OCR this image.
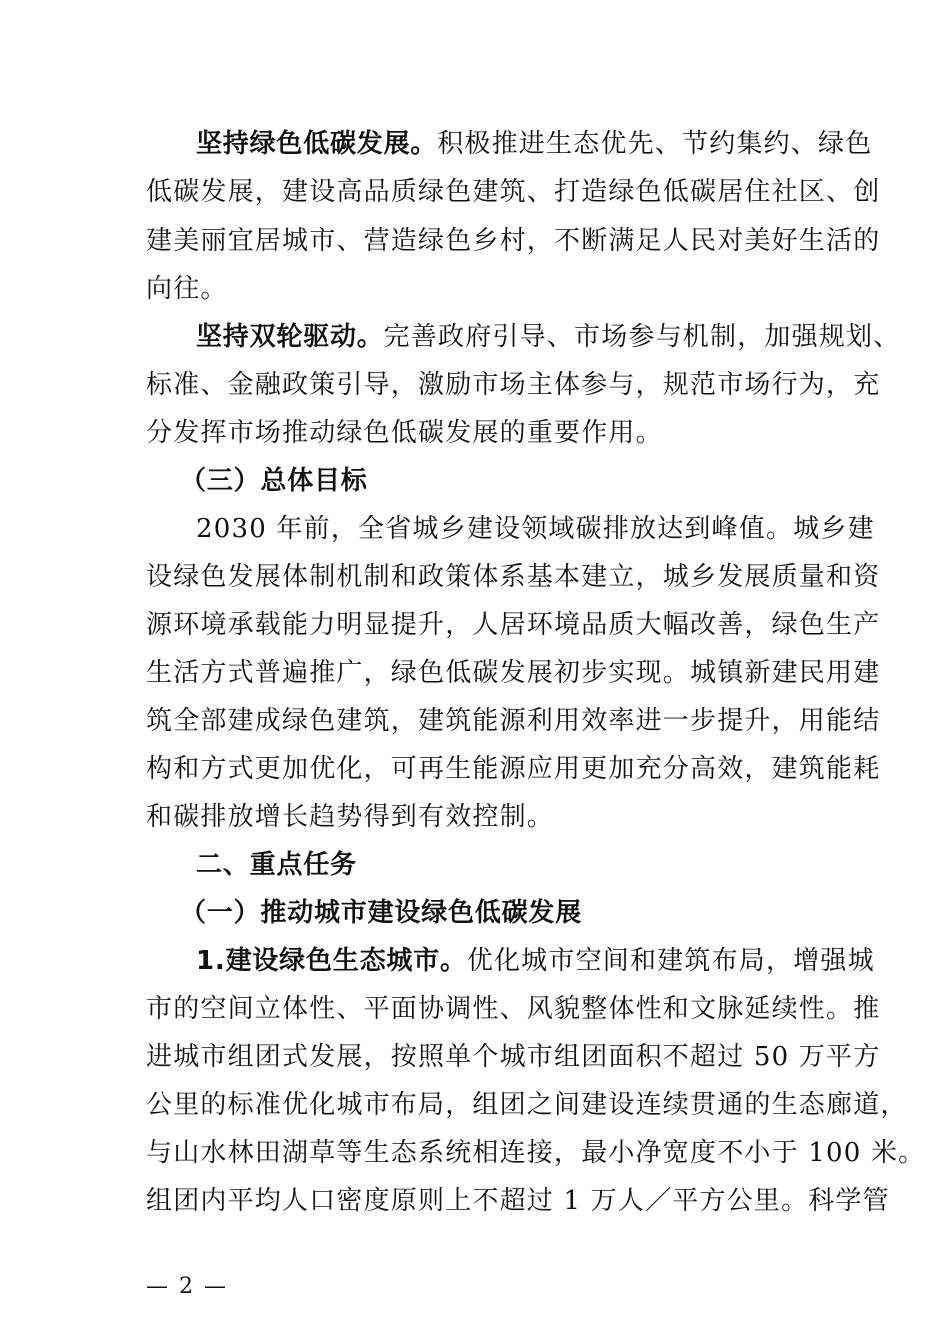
坚持绿色低碳发展。积极推进生态优先、节约集约、绿色
低碳发展，建设高品质绿色建筑、打造绿色低碳居住社区、创
建美丽宜居城市、营造绿色乡村，不断满足人民对美好生活的
向往。
坚持双轮驱动。完善政府引导、市场参与机制，加强规划、
标准、金融政策引导，激励市场主体参与，规范市场行为，充
分发挥市场推动绿色低碳发展的重要作用。
（三）总体目标
2030 年前，全省城乡建设领域碳排放达到峰值。城乡建
设绿色发展体制机制和政策体系基本建立，城乡发展质量和资
源环境承载能力明显提升，人居环境品质大幅改善，绿色生产
生活方式普遍推广，绿色低碳发展初步实现。城镇新建民用建
筑全部建成绿色建筑，建筑能源利用效率进一步提升，用能结
构和方式更加优化，可再生能源应用更加充分高效，建筑能耗
和碳排放增长趋势得到有效控制。
二、重点任务
（一）推动城市建设绿色低碳发展
1.建设绿色生态城市。优化城市空间和建筑布局，增强城
市的空间立体性、平面协调性、风貌整体性和文脉延续性。推
进城市组团式发展，按照单个城市组团面积不超过 50 万平方
公里的标准优化城市布局，组团之间建设连续贯通的生态廊道，
与山水林田湖草等生态系统相连接，最小净宽度不小于 100 米。
组团内平均人口密度原则上不超过 1 万人／平方公里。科学管
— 2 —
